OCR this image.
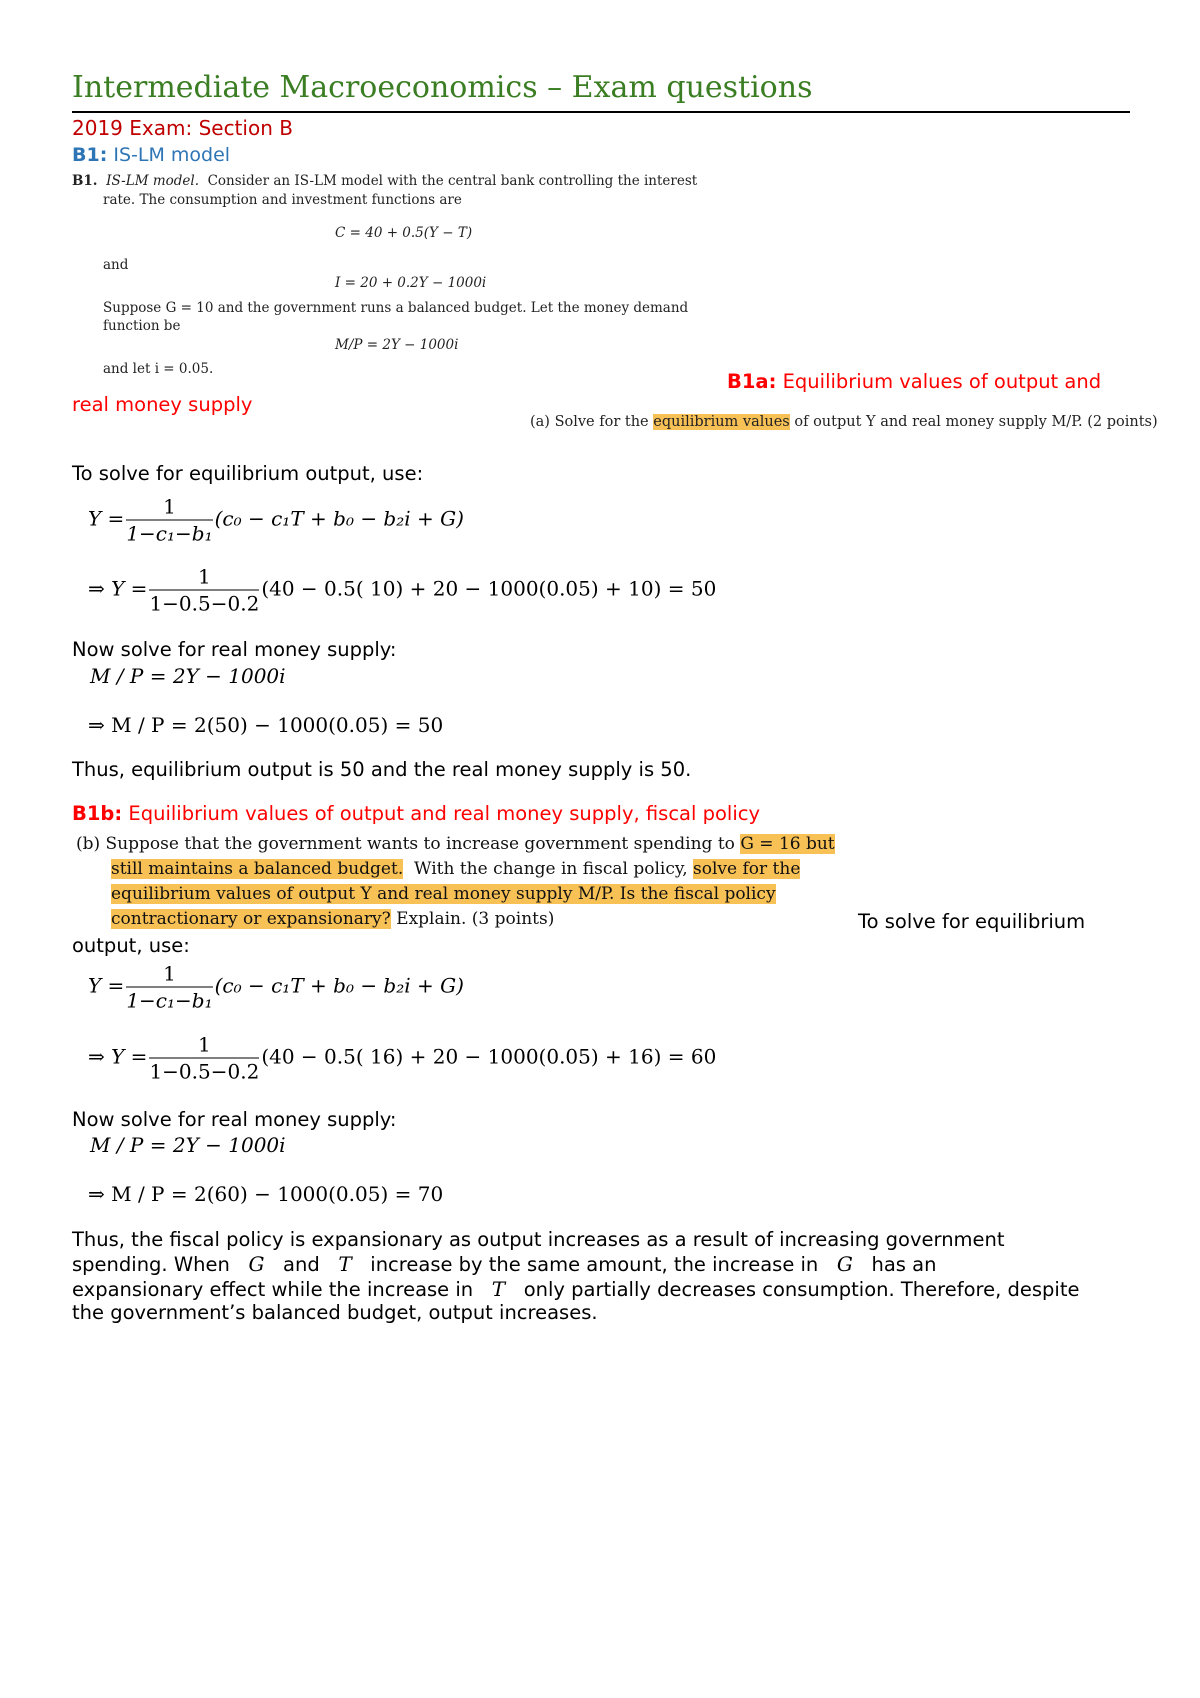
Intermediate Macroeconomics – Exam questions
2019 Exam: Section B
B1: IS-LM model
B1. IS-LM model. Consider an IS-LM model with the central bank controlling the interest
rate. The consumption and investment functions are
C = 40 + 0.5(Y − T)
and
I = 20 + 0.2Y − 1000i
Suppose G = 10 and the government runs a balanced budget. Let the money demand
function be
M/P = 2Y − 1000i
and let i = 0.05.
B1a: Equilibrium values of output and
real money supply
(a) Solve for the equilibrium values of output Y and real money supply M/P. (2 points)
To solve for equilibrium output, use:
$Y = \frac{1}{\text{1−c₁−b₁}} (c_0 - c_1T + b_0 - b_2i + G)$
⇒ $Y = \frac{1}{1-0.5-0.2} (40 - 0.5$( 10) + 20 − 1000(0.05) + 10) = 50
Now solve for real money supply:
M / P = 2Y − 1000i
⇒ M / P = 2(50) − 1000(0.05) = 50
Thus, equilibrium output is 50 and the real money supply is 50.
B1b: Equilibrium values of output and real money supply, fiscal policy
(b) Suppose that the government wants to increase government spending to G = 16 but
still maintains a balanced budget. With the change in fiscal policy, solve for the
equilibrium values of output Y and real money supply M/P. Is the fiscal policy
contractionary or expansionary? Explain. (3 points)	To solve for equilibrium
output, use:
$Y = \frac{1}{\text{1−c₁−b₁}} (c_0 - c_1T + b_0 - b_2i + G)$
⇒ $Y = \frac{1}{1-0.5-0.2} (40 - 0.5$( 16) + 20 − 1000(0.05) + 16) = 60
Now solve for real money supply:
M / P = 2Y − 1000i
⇒ M / P = 2(60) − 1000(0.05) = 70
Thus, the fiscal policy is expansionary as output increases as a result of increasing government
spending. When G and T increase by the same amount, the increase in G has an
expansionary effect while the increase in T only partially decreases consumption. Therefore, despite
the government’s balanced budget, output increases.
